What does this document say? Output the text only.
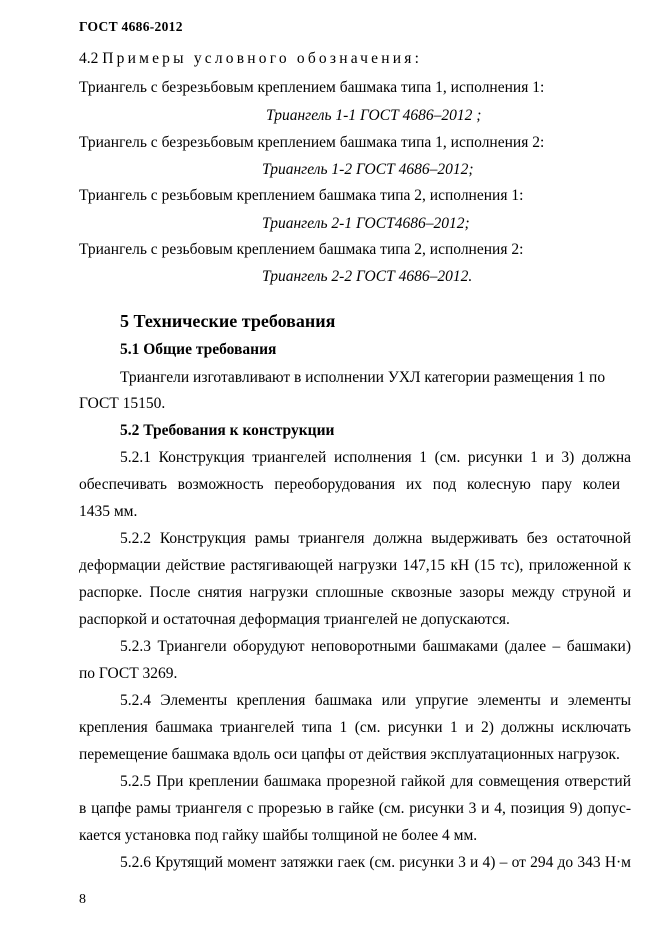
ГОСТ 4686-2012
4.2 Примеры условного обозначения:
Триангель с безрезьбовым креплением башмака типа 1, исполнения 1:
Триангель 1-1 ГОСТ 4686–2012 ;
Триангель с безрезьбовым креплением башмака типа 1, исполнения 2:
Триангель 1-2 ГОСТ 4686–2012;
Триангель с резьбовым креплением башмака типа 2, исполнения 1:
Триангель 2-1 ГОСТ4686–2012;
Триангель с резьбовым креплением башмака типа 2, исполнения 2:
Триангель 2-2 ГОСТ 4686–2012.
5 Технические требования
5.1 Общие требования
Триангели изготавливают в исполнении УХЛ категории размещения 1 по
ГОСТ 15150.
5.2 Требования к конструкции
5.2.1 Конструкция триангелей исполнения 1 (см. рисунки 1 и 3) должна
обеспечивать возможность переоборудования их под колесную пару колеи
1435 мм.
5.2.2 Конструкция рамы триангеля должна выдерживать без остаточной
деформации действие растягивающей нагрузки 147,15 кН (15 тс), приложенной к
распорке. После снятия нагрузки сплошные сквозные зазоры между струной и
распоркой и остаточная деформация триангелей не допускаются.
5.2.3 Триангели оборудуют неповоротными башмаками (далее – башмаки)
по ГОСТ 3269.
5.2.4 Элементы крепления башмака или упругие элементы и элементы
крепления башмака триангелей типа 1 (см. рисунки 1 и 2) должны исключать
перемещение башмака вдоль оси цапфы от действия эксплуатационных нагрузок.
5.2.5 При креплении башмака прорезной гайкой для совмещения отверстий
в цапфе рамы триангеля с прорезью в гайке (см. рисунки 3 и 4, позиция 9) допус-
кается установка под гайку шайбы толщиной не более 4 мм.
5.2.6 Крутящий момент затяжки гаек (см. рисунки 3 и 4) – от 294 до 343 Н·м
8
